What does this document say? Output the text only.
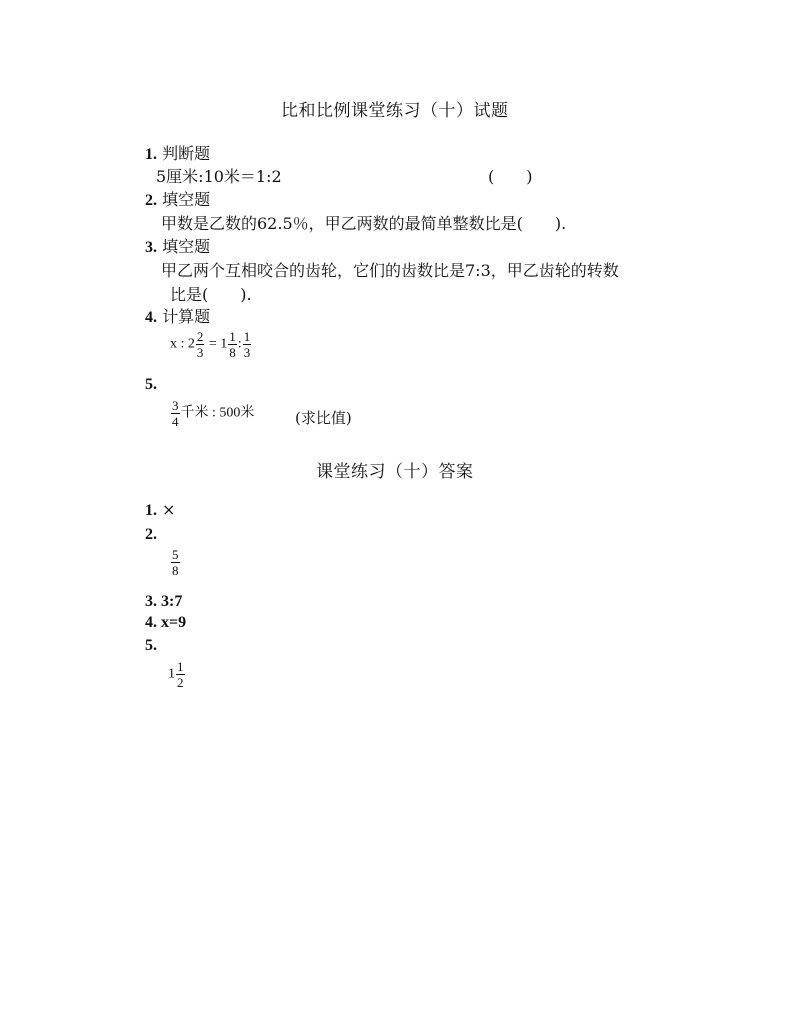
比和比例课堂练习（十）试题
1. 判断题
5厘米:10米＝1:2	(　　)
2. 填空题
甲数是乙数的62.5％，甲乙两数的最简单整数比是(　　).
3. 填空题
甲乙两个互相咬合的齿轮，它们的齿数比是7:3，甲乙齿轮的转数
比是(　　).
4. 计算题
x : $2 \frac{2}{3} = 1 \frac{1}{8}$ : $\frac{1}{3}$
5.
$\frac{3}{4}$ 千米 : 500米	(求比值)
课堂练习（十）答案
1. ×
2.
$\frac{5}{8}$
3. 3:7
4. x=9
5.
$1 \frac{1}{2}$
